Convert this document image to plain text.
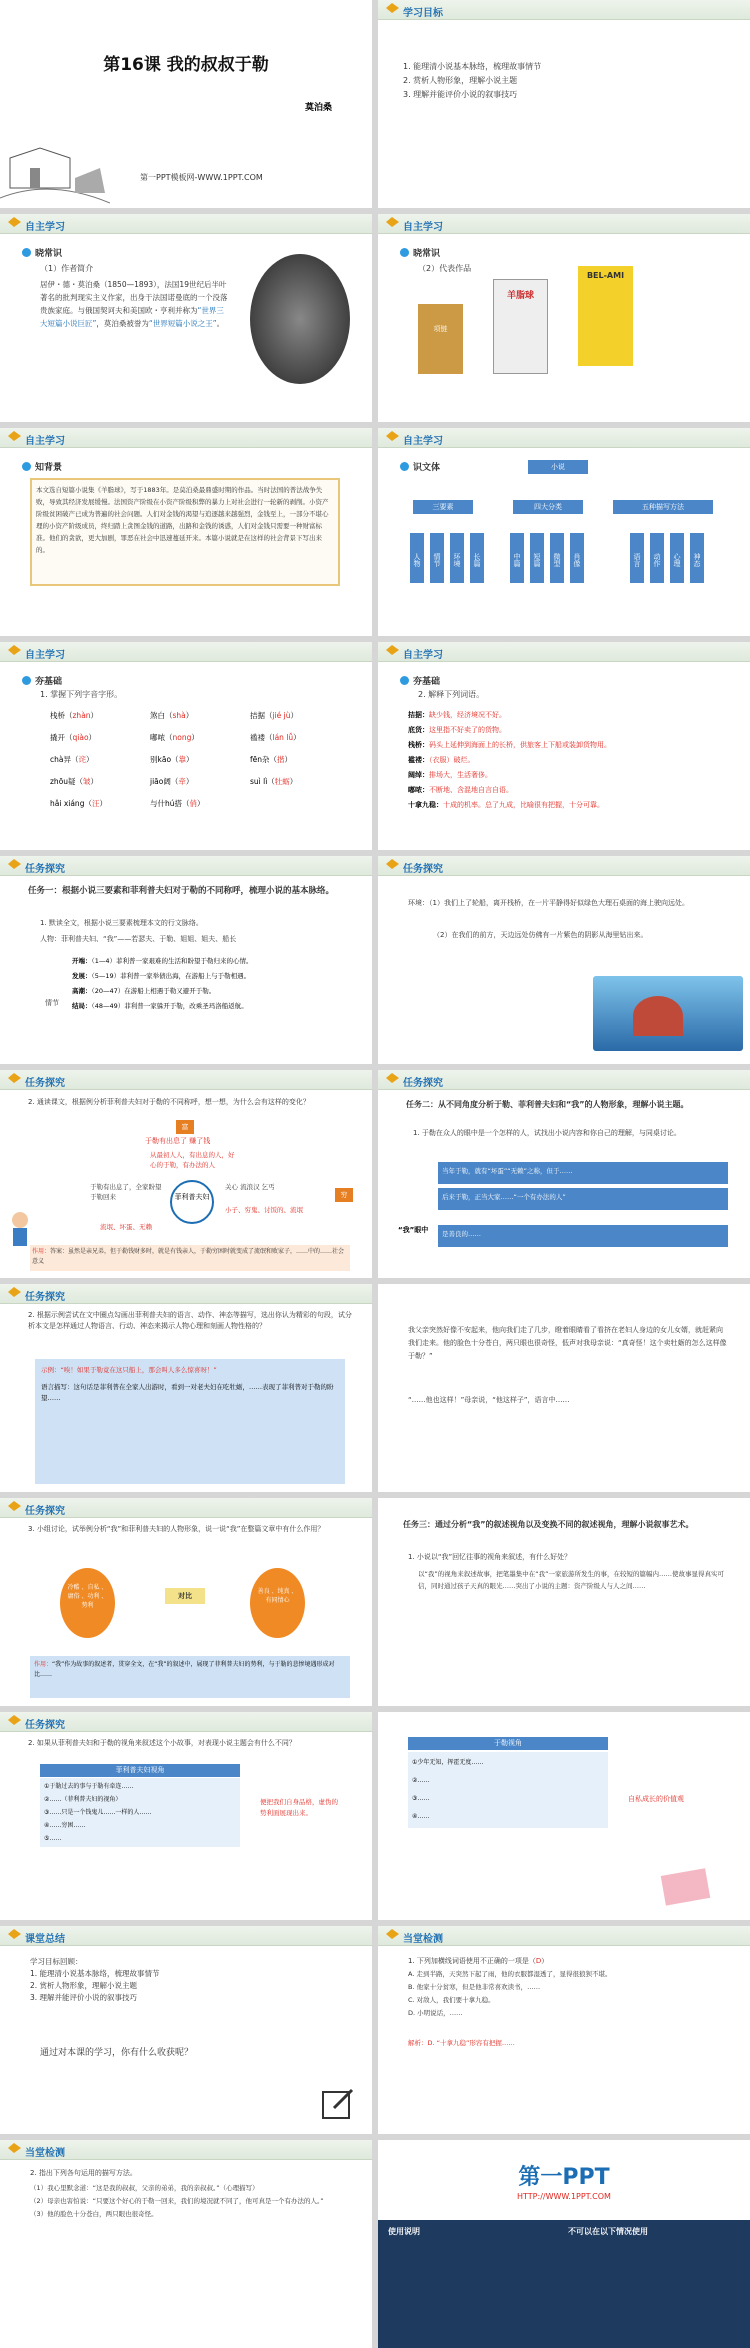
第16课 我的叔叔于勒
莫泊桑
第一PPT模板网-WWW.1PPT.COM
学习目标
1. 能理清小说基本脉络，梳理故事情节
2. 赏析人物形象，理解小说主题
3. 理解并能评价小说的叙事技巧
自主学习
晓常识
（1）作者简介
居伊・德・莫泊桑（1850—1893），法国19世纪后半叶著名的批判现实主义作家，出身于法国诺曼底的一个没落贵族家庭。与俄国契诃夫和美国欧・亨利并称为“世界三大短篇小说巨匠”，莫泊桑被誉为“世界短篇小说之王”。
自主学习
晓常识
（2）代表作品
项链
羊脂球
BEL-AMI
自主学习
知背景
本文选自短篇小说集《羊脂球》，写于1883年。是莫泊桑最鼎盛时期的作品。当时法国的普法战争失败，导致其经济发展缓慢。法国资产阶级在小资产阶级积弊的暴力上对社会进行一轮新的剥削。小资产阶级贫困破产已成为普遍的社会问题。人们对金钱的渴望与追逐越来越强烈，金钱至上，一部分不堪心理的小资产阶级成员，终归踏上贪图金钱的道路，出路和金钱的诱惑，人们对金钱只需要一种财富标准。他们的贪欲，更大加剧，罪恶在社会中迅速蔓延开来。本篇小说就是在这样的社会背景下写出来的。
自主学习
识文体	小说
三要素	四大分类	五种描写方法
人物	情节	环境	长篇	中篇	短篇	微型	肖像	语言	动作	心理	神态
自主学习
夯基础
1. 掌握下列字音字形。
栈桥（zhàn）	煞白（shà）	拮据（jié jù）
撬开（qiào）	嘟哝（nong）	褴褛（lán lǚ）
chà异（诧）	别kāo（靠）	fēn杂（揩）
zhōu疑（皱）	jiāo阔（牵）	suì lì（牡蛎）
hǎi xiáng（汪）	与什hú搭（俏）
自主学习
夯基础
2. 解释下列词语。
拮据：缺少钱，经济境况不好。
底货：这里指不好卖了的货物。
栈桥：码头上延伸到海面上的长桥，供旅客上下船或装卸货物用。
褴褛：（衣服）破烂。
阔绰：排场大，生活奢侈。
嘟哝：不断地、含混地自言自语。
十拿九稳：十成的机率。总了九成，比喻很有把握，十分可靠。
任务探究
任务一：根据小说三要素和菲利普夫妇对于勒的不同称呼，梳理小说的基本脉络。
1. 默读全文，根据小说三要素梳理本文的行文脉络。
人物：菲利普夫妇、“我”——若瑟夫、于勒、姐姐、姐夫、船长
情节
开端：（1—4）菲利普一家艰难的生活和盼望于勒归来的心情。
发展：（5—19）菲利普一家举债出海，在游船上与于勒相遇。
高潮：（20—47）在游船上相遇于勒又避开于勒。
结局：（48—49）菲利普一家躲开于勒，改乘圣玛洛船返航。
任务探究
环境：（1）我们上了轮船，离开栈桥，在一片平静得好似绿色大理石桌面的海上驶向远处。
（2）在我们的前方，天边远处仿佛有一片紫色的阴影从海里钻出来。
任务探究
2. 通读课文，根据例分析菲利普夫妇对于勒的不同称呼，想一想，为什么会有这样的变化？
富
于勒有出息了 赚了钱
从最初人人，有出息的人，好心的于勒，有办法的人
菲利普夫妇
于勒有出息了，全家盼望于勒回来
流氓、坏蛋、无赖
关心 流浪汉 乞丐
小子、穷鬼、讨饭的、流氓
穷
作用：答案：虽然是亲兄弟，但于勒钱财多时，就是有钱亲人，于勒穷困时就变成了流氓和败家子，……中的……社会意义
任务探究
任务二：从不同角度分析于勒、菲利普夫妇和“我”的人物形象，理解小说主题。
1. 于勒在众人的眼中是一个怎样的人，试找出小说内容和你自己的理解，与同桌讨论。
当年于勒，就有“坏蛋”“无赖”之称，但于……
后来于勒，正当大家……“一个有办法的人”
是善良的……
“我”眼中
任务探究
2. 根据示例尝试在文中圈点勾画出菲利普夫妇的语言、动作、神态等描写，选出你认为精彩的句段，试分析本文是怎样通过人物语言、行动、神态来揭示人物心理和刻画人物性格的？
示例：“唉！如果于勒竟在这只船上，那会叫人多么惊喜呀！”
语言描写：这句话是菲利普在全家人出游时，看到一对老夫妇在吃牡蛎，……表现了菲利普对于勒的盼望……
我父亲突然好像不安起来，他向我们走了几步，瞪着眼睛看了看挤在老妇人身边的女儿女婿，就赶紧向我们走来。他的脸色十分苍白，两只眼也很奇怪，低声对我母亲说：“真奇怪！这个卖牡蛎的怎么这样像于勒？”
“……他也这样！”母亲说，“他这样子”，语言中……
任务探究
3. 小组讨论，试举例分析“我”和菲利普夫妇的人物形象，说一说“我”在整篇文章中有什么作用？
冷酷 、自私 、庸俗 、功利 、势利
对比
善良 、纯真 、有同情心
作用：“我”作为故事的叙述者，贯穿全文，在“我”的叙述中，展现了菲利普夫妇的势利，与于勒的悲惨境遇形成对比……
任务三：通过分析“我”的叙述视角以及变换不同的叙述视角，理解小说叙事艺术。
1. 小说以“我”回忆往事的视角来叙述，有什么好处？
以“我”的视角来叙述故事，把笔墨集中在“我”一家旅游所发生的事，在较短的篇幅内……使故事显得真实可信，同时通过孩子天真的眼光……突出了小说的主题：资产阶级人与人之间……
任务探究
2. 如果从菲利普夫妇和于勒的视角来叙述这个小故事，对表现小说主题会有什么不同？
菲利普夫妇视角
①于勒过去的事与于勒有牵连……
②……（菲利普夫妇的视角）
③……只是一个钱鬼儿……一样的人……
④……穷困……
⑤……
便把我们自身品格，虚伪的势利面展现出来。
于勒视角
①少年无知，挥霍无度……
②……
③……
④……
自私成长的价值观
课堂总结
学习目标回顾：
1. 能理清小说基本脉络，梳理故事情节
2. 赏析人物形象，理解小说主题
3. 理解并能评价小说的叙事技巧
通过对本课的学习，你有什么收获呢？
当堂检测
1. 下列加横线词语使用不正确的一项是（D）
A. 走到半路，天突然下起了雨，他的衣服都湿透了，显得很狼狈不堪。
B. 他家十分贫寒，但是他非常喜欢读书，……
C. 对敌人，我们要十拿九稳。
D. 小明说话，……
解析：D. “十拿九稳”形容有把握……
当堂检测
2. 指出下列各句运用的描写方法。
（1）我心里默念道：“这是我的叔叔，父亲的弟弟，我的亲叔叔。”（心理描写）
（2）母亲也害怕说：“只要这个好心的于勒一回来，我们的境况就不同了，他可真是一个有办法的人。”
（3）他的脸色十分苍白，两只眼也很奇怪。
第一PPT
HTTP://WWW.1PPT.COM
使用说明	不可以在以下情况使用
